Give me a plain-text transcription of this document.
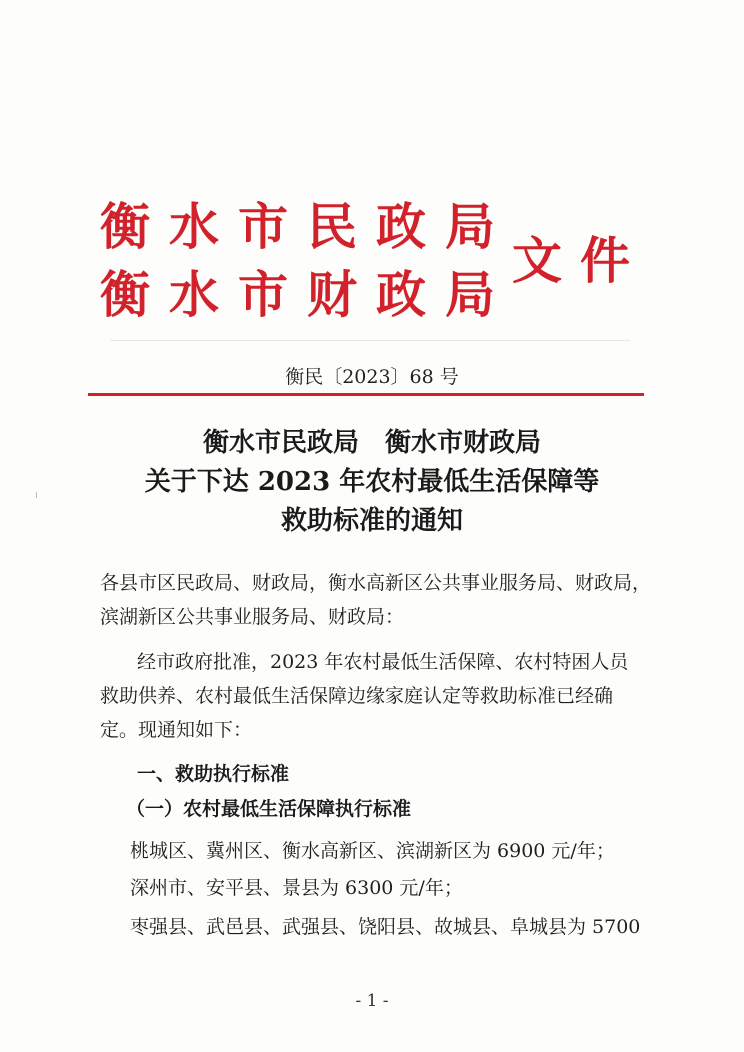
衡水市民政局
衡水市财政局
文件
衡民〔2023〕68 号
衡水市民政局 衡水市财政局
关于下达 2023 年农村最低生活保障等
救助标准的通知
各县市区民政局、财政局，衡水高新区公共事业服务局、财政局，
滨湖新区公共事业服务局、财政局：
经市政府批准，2023 年农村最低生活保障、农村特困人员
救助供养、农村最低生活保障边缘家庭认定等救助标准已经确
定。现通知如下：
一、救助执行标准
（一）农村最低生活保障执行标准
桃城区、冀州区、衡水高新区、滨湖新区为 6900 元/年；
深州市、安平县、景县为 6300 元/年；
枣强县、武邑县、武强县、饶阳县、故城县、阜城县为 5700
- 1 -
